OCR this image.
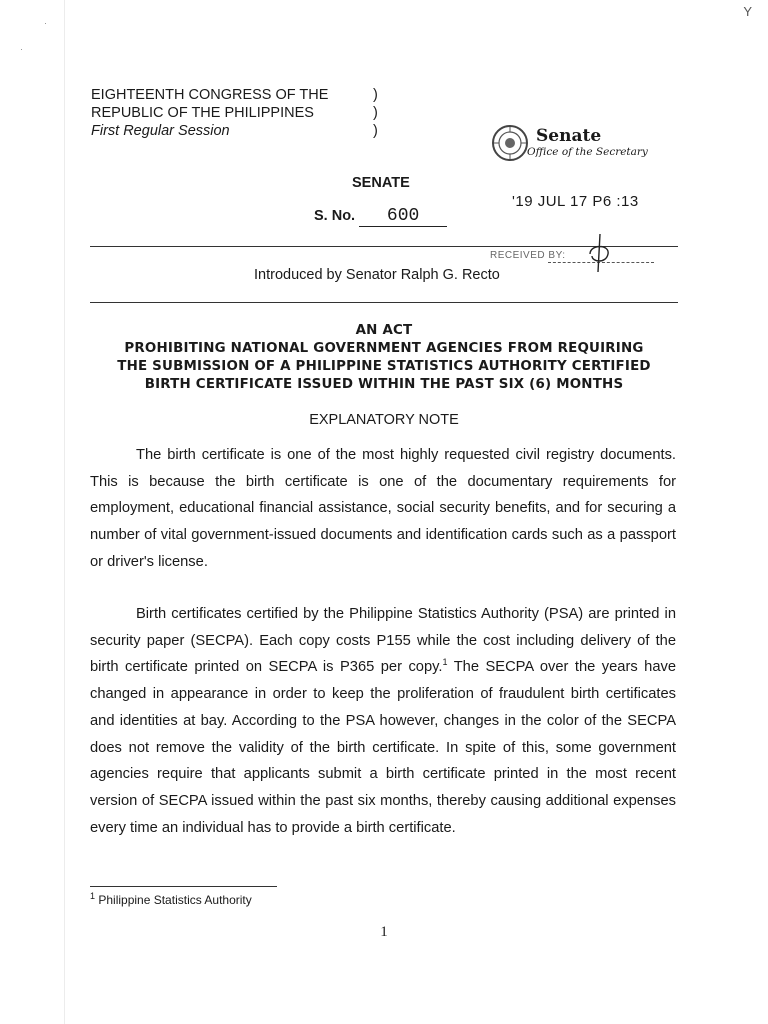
Y
·
·
EIGHTEENTH CONGRESS OF THE	)
REPUBLIC OF THE PHILIPPINES	)
First Regular Session	)	Senate
Office of the Secretary
SENATE
S. No.	600
'19 JUL 17 P6 :13
RECEIVED BY:
Introduced by Senator Ralph G. Recto
AN ACT
PROHIBITING NATIONAL GOVERNMENT AGENCIES FROM REQUIRING
THE SUBMISSION OF A PHILIPPINE STATISTICS AUTHORITY CERTIFIED
BIRTH CERTIFICATE ISSUED WITHIN THE PAST SIX (6) MONTHS
EXPLANATORY NOTE
The birth certificate is one of the most highly requested civil registry documents. This is because the birth certificate is one of the documentary requirements for employment, educational financial assistance, social security benefits, and for securing a number of vital government-issued documents and identification cards such as a passport or driver's license.
Birth certificates certified by the Philippine Statistics Authority (PSA) are printed in security paper (SECPA). Each copy costs P155 while the cost including delivery of the birth certificate printed on SECPA is P365 per copy.$^1$ The SECPA over the years have changed in appearance in order to keep the proliferation of fraudulent birth certificates and identities at bay. According to the PSA however, changes in the color of the SECPA does not remove the validity of the birth certificate. In spite of this, some government agencies require that applicants submit a birth certificate printed in the most recent version of SECPA issued within the past six months, thereby causing additional expenses every time an individual has to provide a birth certificate.
$^1$ Philippine Statistics Authority
1
